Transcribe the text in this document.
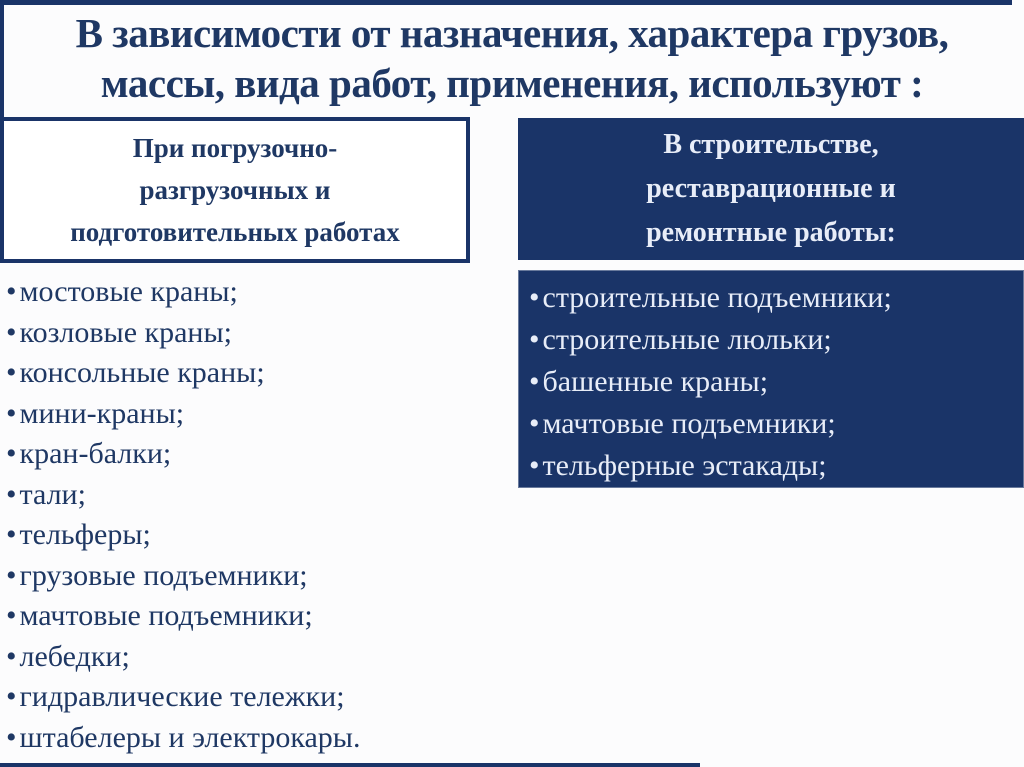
В зависимости от назначения, характера грузов,
массы, вида работ, применения, используют :
При погрузочно-
разгрузочных и
подготовительных работах
В строительстве,
реставрационные и
ремонтные работы:
• мостовые краны;
• козловые краны;
• консольные краны;
• мини-краны;
• кран-балки;
• тали;
• тельферы;
• грузовые подъемники;
• мачтовые подъемники;
• лебедки;
• гидравлические тележки;
• штабелеры и электрокары.
• строительные подъемники;
• строительные люльки;
• башенные краны;
• мачтовые подъемники;
• тельферные эстакады;
